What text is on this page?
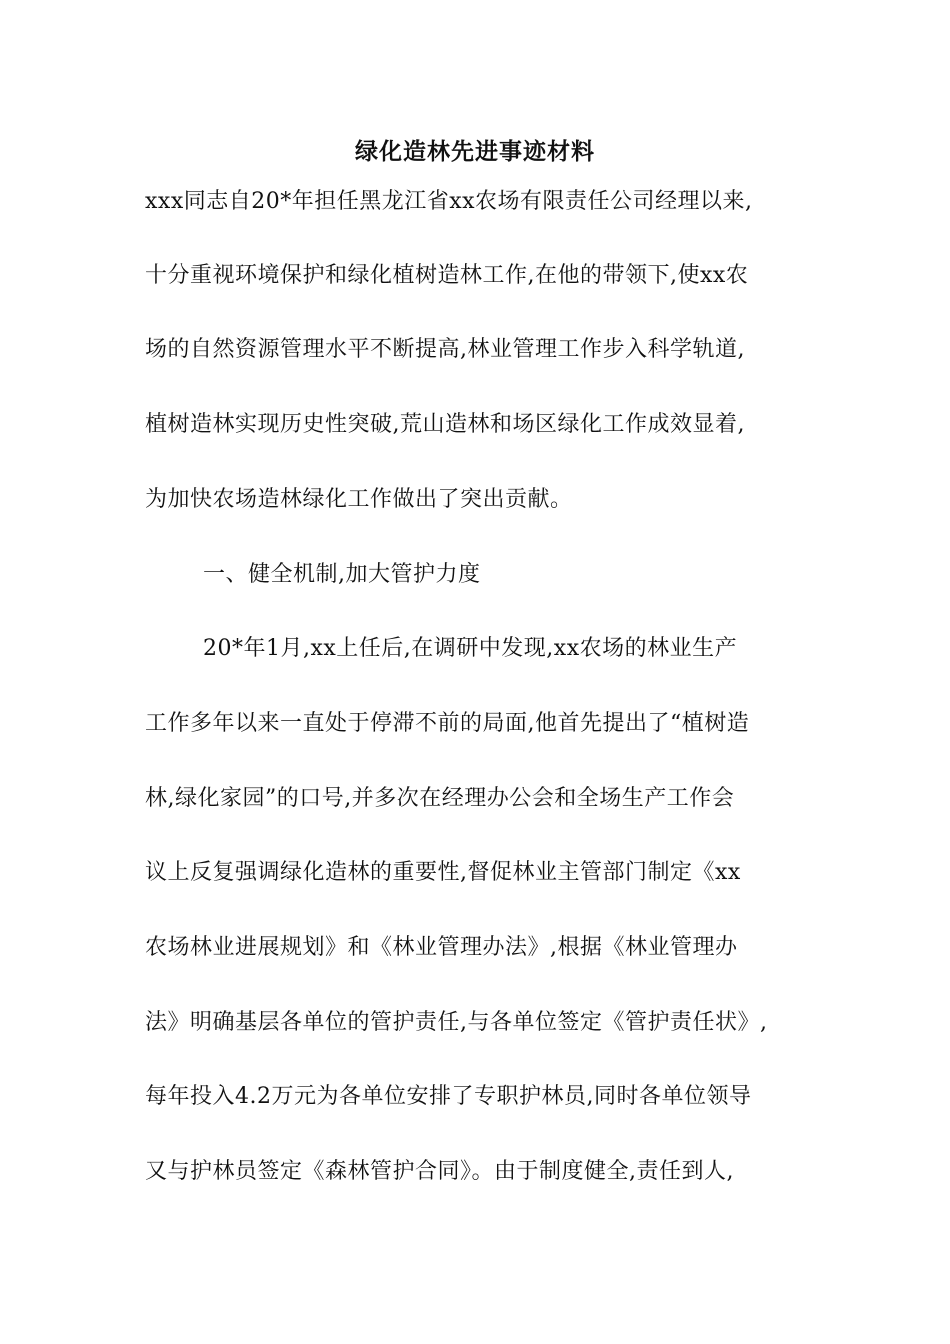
绿化造林先进事迹材料
xxx同志自20*年担任黑龙江省xx农场有限责任公司经理以来,
十分重视环境保护和绿化植树造林工作,在他的带领下,使xx农
场的自然资源管理水平不断提高,林业管理工作步入科学轨道,
植树造林实现历史性突破,荒山造林和场区绿化工作成效显着,
为加快农场造林绿化工作做出了突出贡献。
一、健全机制,加大管护力度
20*年1月,xx上任后,在调研中发现,xx农场的林业生产
工作多年以来一直处于停滞不前的局面,他首先提出了“植树造
林,绿化家园”的口号,并多次在经理办公会和全场生产工作会
议上反复强调绿化造林的重要性,督促林业主管部门制定《xx
农场林业进展规划》和《林业管理办法》,根据《林业管理办
法》明确基层各单位的管护责任,与各单位签定《管护责任状》,
每年投入4.2万元为各单位安排了专职护林员,同时各单位领导
又与护林员签定《森林管护合同》。由于制度健全,责任到人,
